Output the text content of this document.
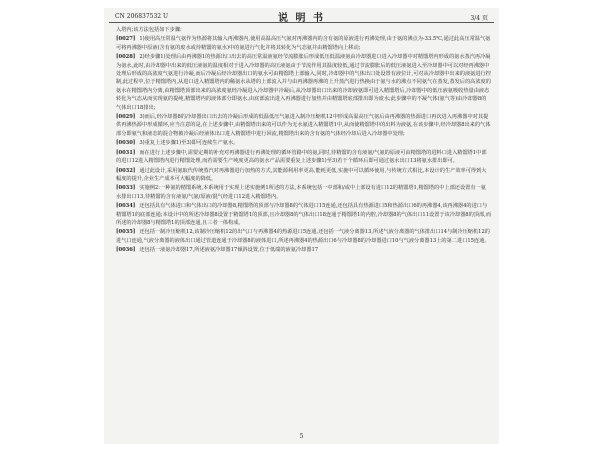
CN 206837532 U	说 明 书	3/4 页

入塔内;该方法包括如下步骤:

[0027] 1)使用高压常温气氨作为热源将其输入再沸器内,使用高温高压气氨对再沸器内的含有氨的原液进行再沸处理,由于氨的沸点为-33.5℃,通过此高压常温气氨可将再沸器中原液(含有氨的废水或待精馏的氨水)中的氨进行气化并将其转化为气态氨并由精馏塔向上移动;

[0028] 2)经步骤1)处理后由再沸器1的热源出口出去的高压常温液氨经节流膨胀后形成低压低温液氨由冷却器进口进入冷却器中对精馏塔内形成的氨水蒸汽再冷凝为氨水,此时,由冷却器中出来的低压液氨的温度相对于进入冷却器的高压液氨由于节流作用其温度较低,通过节流膨胀后的低压液氨进入至冷却器中可以对经再沸器中处理后形成的高浓度气氨进行冷凝,而后冷凝后经冷却器出口的氨水可由精馏塔上部输入,同时,冷却器中的气体出口处设置有液位计,可对从冷却器中出来的液氨进行控制,此过程中,位于精馏塔内,从进口进入精馏塔内的稀氨水从塔的上部流入并与由再沸器再沸的上升蒸汽进行热换由于氨与水的沸点不同氨气在蒸发,蒸发后的高浓度的氨水在精馏塔内分离,由精馏塔顶部出来的高浓度氨经冷凝进入冷却器中冷凝后,从冷却器出口出来的冷却液氨即可进入精馏塔后,冷却器中的低压液氨吸收热量由液态转化为气态从而实现氨的提纯,精馏塔内的液体部分即氨水,由底部流出进入再沸器进行加热并由精馏塔底部排出即为废水;此步骤中的不凝气体(氨气等)由冷却器8的气体出口18排出;

[0029] 3)而后,经冷却器8的冷却器出口出去的冷凝后形成的低温低压气氨进入制冷压缩机12中形成高温高压气氨后由再沸器的热源进口再次进入再沸器中对其提供再沸热源中形成循环,应当注意的是,在上述步骤中,由精馏塔出来的可以作为无水氨进入精馏塔1中,从而使精馏塔中的出料为液氨,在该步骤中,经冷却器8出来的气体部分即氨气和液态的混合物被冷凝后经液体出口进入精馏塔中进行回流,精馏塔出来的含有氨的气体经冷却后进入冷却器中处理;

[0030] 3)重复上述步骤1)至3)即可连续生产氨水。

[0031] 而在进行上述步骤中,需要定期的补充对再沸器进行再沸处理的循环管路中的氨,同时,待精馏的含有液氨/气氨的原液可由精馏塔的进料口进入精馏塔1中部的进口12进入精馏塔内进行精馏处理,而若需要生产纯度更高的氨水产品需要重复上述步骤1)至3)若干个循环后即可通过氨水出口13将氨水排出即可。

[0032] 通过此设计,采用氨取代传统蒸汽对再沸器进行加热的方式,其能源利用率更高,能耗更低,实施中可以循环使用,与传统方式相比,本设计的生产效率可得到大幅度的提升,企业生产成本可大幅度的降低。

[0033] 实施例2:一种氨的精馏系统,本系统用于实现上述实施例1所述的方法,本系统包括一中部和/或中上部设有进口12的精馏塔1,精馏塔的中上部还设置有一氨水排出口13,待精馏的含有液氨/气氨/原液/混气经进口12进入精馏塔内。

[0034] 还包括具有气体进口和气体出口的冷却器8,精馏塔的顶部与冷却器8的气体进口15连通,还包括具有热源进口5和热源出口6的再沸器4,该再沸器4的进口与精馏塔1的底部连通;本设计中的所述冷却器8设置于精馏塔1的顶部,且冷却器8的气体出口18连通于精馏塔1的内腔,冷却器8的气体出口11设置于该冷却器8的顶部,而所述的冷却器8与精馏塔1的顶部连通,且三者一体构成。

[0035] 还包括一制冷压缩机12,该制冷压缩机12的出气口与再沸器4的热源进口5连通,还包括一气液分离器13,所述气液分离器的气体排出口14与制冷压缩机12的进气口连通,气液分离器的液体出口通过管道连通于冷却器8的液体进口,所述再沸器4的热源出口6与冷却器8的冷却器进口10与气液分离器13上的第二进口15连通。

[0036] 还包括一液氨冷却器17,所述液氨冷却器17倾斜设置,位于低端的液氨冷却器17

5
